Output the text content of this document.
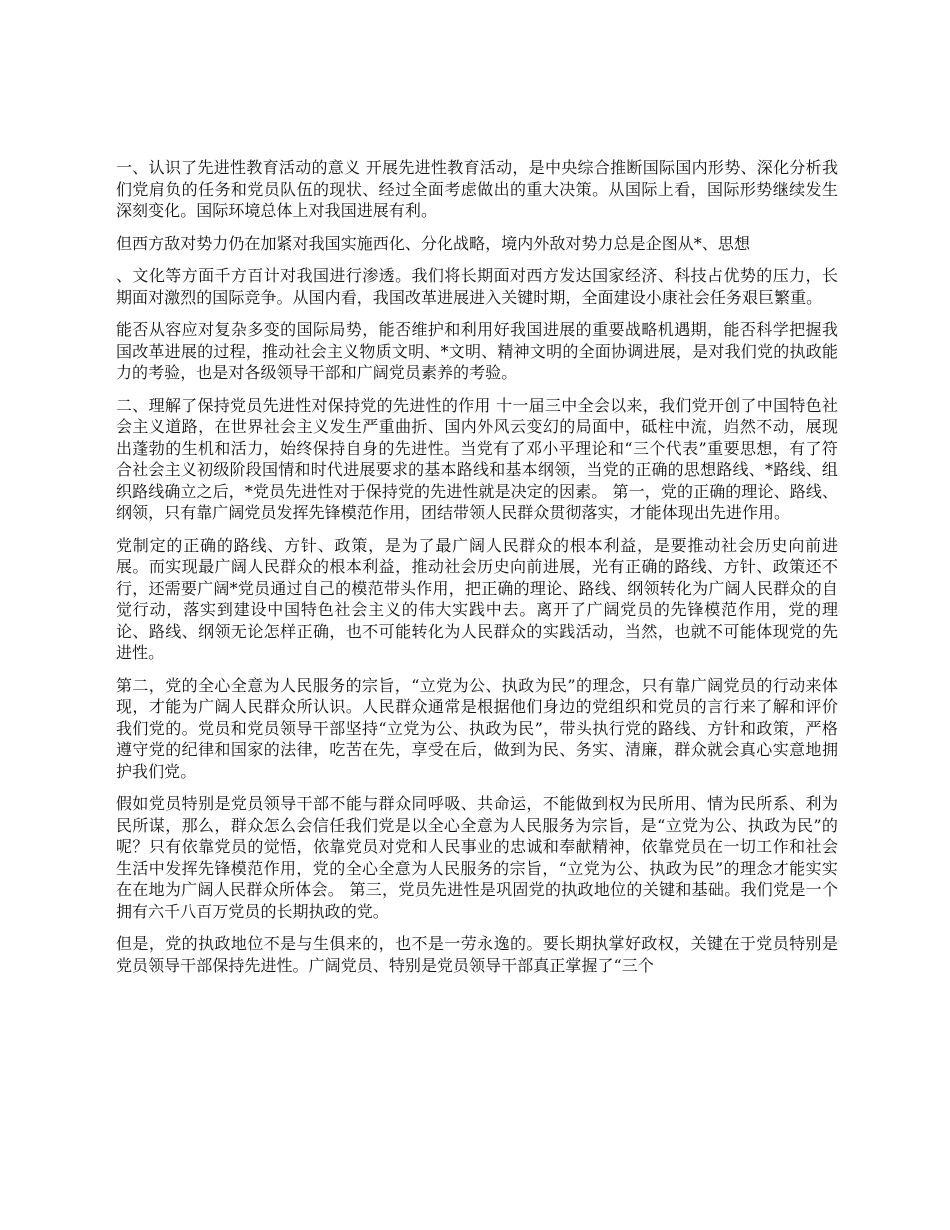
一、认识了先进性教育活动的意义 开展先进性教育活动，是中央综合推断国际国内形势、深化分析我们党肩负的任务和党员队伍的现状、经过全面考虑做出的重大决策。从国际上看，国际形势继续发生深刻变化。国际环境总体上对我国进展有利。

但西方敌对势力仍在加紧对我国实施西化、分化战略，境内外敌对势力总是企图从*、思想

、文化等方面千方百计对我国进行渗透。我们将长期面对西方发达国家经济、科技占优势的压力，长期面对激烈的国际竞争。从国内看，我国改革进展进入关键时期，全面建设小康社会任务艰巨繁重。

能否从容应对复杂多变的国际局势，能否维护和利用好我国进展的重要战略机遇期，能否科学把握我国改革进展的过程，推动社会主义物质文明、*文明、精神文明的全面协调进展，是对我们党的执政能力的考验，也是对各级领导干部和广阔党员素养的考验。

二、理解了保持党员先进性对保持党的先进性的作用 十一届三中全会以来，我们党开创了中国特色社会主义道路，在世界社会主义发生严重曲折、国内外风云变幻的局面中，砥柱中流，岿然不动，展现出蓬勃的生机和活力，始终保持自身的先进性。当党有了邓小平理论和“三个代表”重要思想，有了符合社会主义初级阶段国情和时代进展要求的基本路线和基本纲领，当党的正确的思想路线、*路线、组织路线确立之后，*党员先进性对于保持党的先进性就是决定的因素。 第一，党的正确的理论、路线、纲领，只有靠广阔党员发挥先锋模范作用，团结带领人民群众贯彻落实，才能体现出先进作用。

党制定的正确的路线、方针、政策，是为了最广阔人民群众的根本利益，是要推动社会历史向前进展。而实现最广阔人民群众的根本利益，推动社会历史向前进展，光有正确的路线、方针、政策还不行，还需要广阔*党员通过自己的模范带头作用，把正确的理论、路线、纲领转化为广阔人民群众的自觉行动，落实到建设中国特色社会主义的伟大实践中去。离开了广阔党员的先锋模范作用，党的理论、路线、纲领无论怎样正确，也不可能转化为人民群众的实践活动，当然，也就不可能体现党的先进性。

第二，党的全心全意为人民服务的宗旨，“立党为公、执政为民”的理念，只有靠广阔党员的行动来体现，才能为广阔人民群众所认识。人民群众通常是根据他们身边的党组织和党员的言行来了解和评价我们党的。党员和党员领导干部坚持“立党为公、执政为民”，带头执行党的路线、方针和政策，严格遵守党的纪律和国家的法律，吃苦在先，享受在后，做到为民、务实、清廉，群众就会真心实意地拥护我们党。

假如党员特别是党员领导干部不能与群众同呼吸、共命运，不能做到权为民所用、情为民所系、利为民所谋，那么，群众怎么会信任我们党是以全心全意为人民服务为宗旨，是“立党为公、执政为民”的呢？只有依靠党员的觉悟，依靠党员对党和人民事业的忠诚和奉献精神，依靠党员在一切工作和社会生活中发挥先锋模范作用，党的全心全意为人民服务的宗旨，“立党为公、执政为民”的理念才能实实在在地为广阔人民群众所体会。 第三，党员先进性是巩固党的执政地位的关键和基础。我们党是一个拥有六千八百万党员的长期执政的党。

但是，党的执政地位不是与生俱来的，也不是一劳永逸的。要长期执掌好政权，关键在于党员特别是党员领导干部保持先进性。广阔党员、特别是党员领导干部真正掌握了“三个
